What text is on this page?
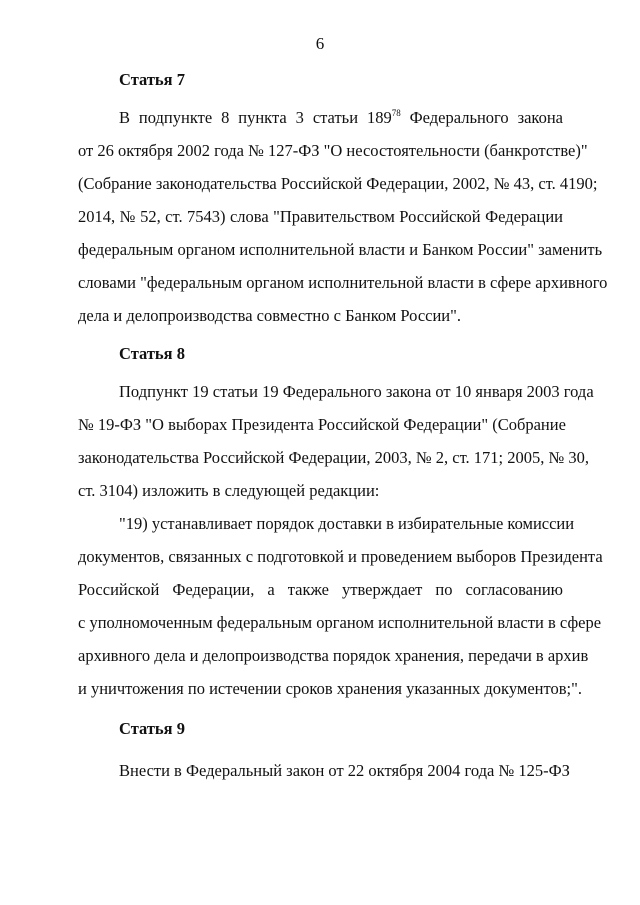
6
Статья 7
В подпункте 8 пункта 3 статьи $189^{78}$ Федерального закона
от 26 октября 2002 года № 127-ФЗ "О несостоятельности (банкротстве)"
(Собрание законодательства Российской Федерации, 2002, № 43, ст. 4190;
2014, № 52, ст. 7543) слова "Правительством Российской Федерации
федеральным органом исполнительной власти и Банком России" заменить
словами "федеральным органом исполнительной власти в сфере архивного
дела и делопроизводства совместно с Банком России".
Статья 8
Подпункт 19 статьи 19 Федерального закона от 10 января 2003 года
№ 19-ФЗ "О выборах Президента Российской Федерации" (Собрание
законодательства Российской Федерации, 2003, № 2, ст. 171; 2005, № 30,
ст. 3104) изложить в следующей редакции:
"19) устанавливает порядок доставки в избирательные комиссии
документов, связанных с подготовкой и проведением выборов Президента
Российской Федерации, а также утверждает по согласованию
с уполномоченным федеральным органом исполнительной власти в сфере
архивного дела и делопроизводства порядок хранения, передачи в архив
и уничтожения по истечении сроков хранения указанных документов;".
Статья 9
Внести в Федеральный закон от 22 октября 2004 года № 125-ФЗ
